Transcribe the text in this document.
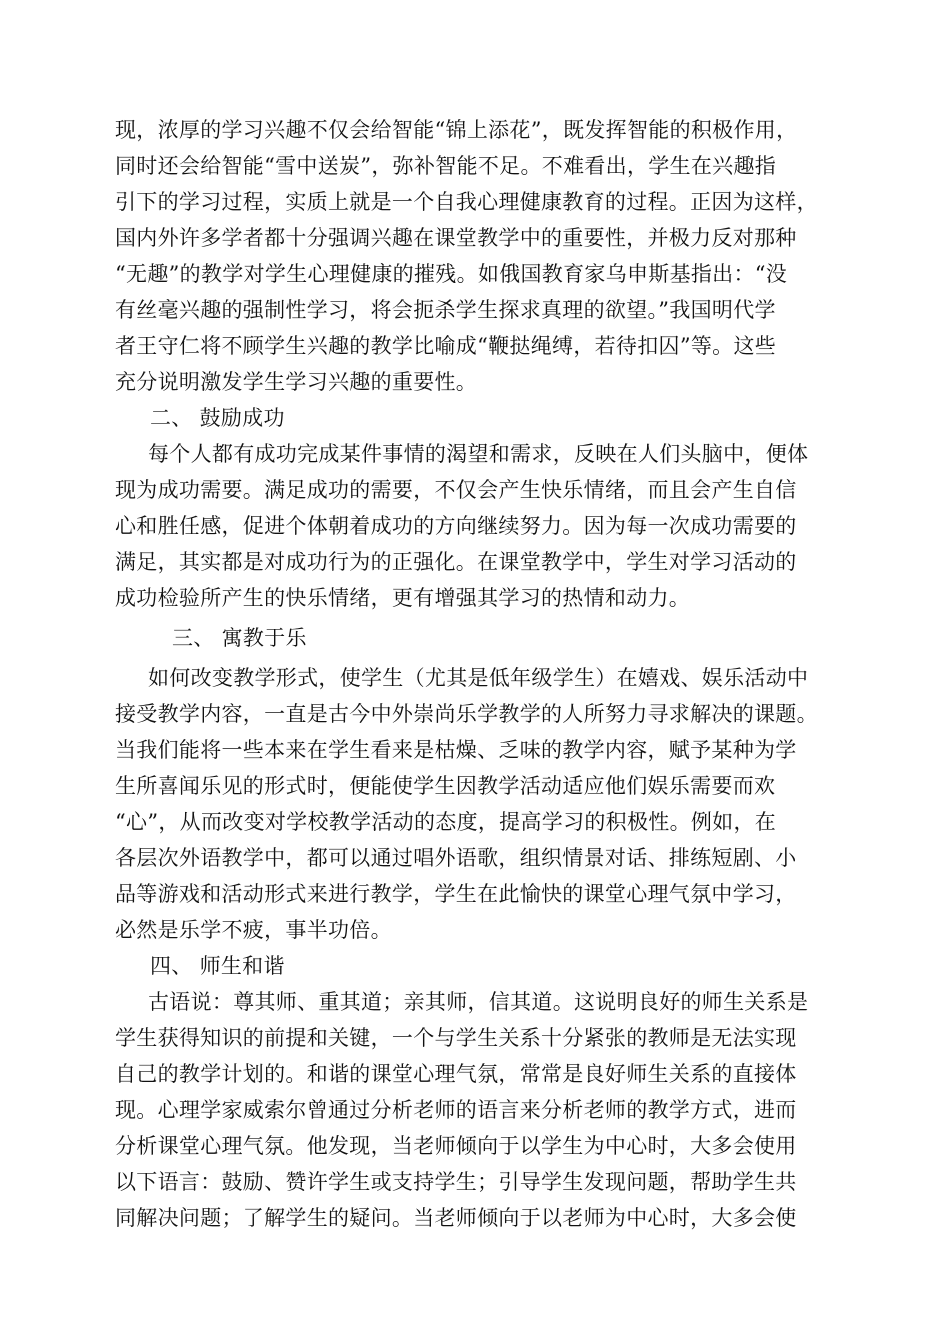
现，浓厚的学习兴趣不仅会给智能“锦上添花”，既发挥智能的积极作用，
同时还会给智能“雪中送炭”，弥补智能不足。不难看出，学生在兴趣指
引下的学习过程，实质上就是一个自我心理健康教育的过程。正因为这样，
国内外许多学者都十分强调兴趣在课堂教学中的重要性，并极力反对那种
“无趣”的教学对学生心理健康的摧残。如俄国教育家乌申斯基指出：“没
有丝毫兴趣的强制性学习，将会扼杀学生探求真理的欲望。”我国明代学
者王守仁将不顾学生兴趣的教学比喻成“鞭挞绳缚，若待扣囚”等。这些
充分说明激发学生学习兴趣的重要性。
二、 鼓励成功
每个人都有成功完成某件事情的渴望和需求，反映在人们头脑中，便体
现为成功需要。满足成功的需要，不仅会产生快乐情绪，而且会产生自信
心和胜任感，促进个体朝着成功的方向继续努力。因为每一次成功需要的
满足，其实都是对成功行为的正强化。在课堂教学中，学生对学习活动的
成功检验所产生的快乐情绪，更有增强其学习的热情和动力。
三、 寓教于乐
如何改变教学形式，使学生（尤其是低年级学生）在嬉戏、娱乐活动中
接受教学内容，一直是古今中外崇尚乐学教学的人所努力寻求解决的课题。
当我们能将一些本来在学生看来是枯燥、乏味的教学内容，赋予某种为学
生所喜闻乐见的形式时，便能使学生因教学活动适应他们娱乐需要而欢
“心”，从而改变对学校教学活动的态度，提高学习的积极性。例如，在
各层次外语教学中，都可以通过唱外语歌，组织情景对话、排练短剧、小
品等游戏和活动形式来进行教学，学生在此愉快的课堂心理气氛中学习，
必然是乐学不疲，事半功倍。
四、 师生和谐
古语说：尊其师、重其道；亲其师，信其道。这说明良好的师生关系是
学生获得知识的前提和关键，一个与学生关系十分紧张的教师是无法实现
自己的教学计划的。和谐的课堂心理气氛，常常是良好师生关系的直接体
现。心理学家威索尔曾通过分析老师的语言来分析老师的教学方式，进而
分析课堂心理气氛。他发现，当老师倾向于以学生为中心时，大多会使用
以下语言：鼓励、赞许学生或支持学生；引导学生发现问题，帮助学生共
同解决问题；了解学生的疑问。当老师倾向于以老师为中心时，大多会使
